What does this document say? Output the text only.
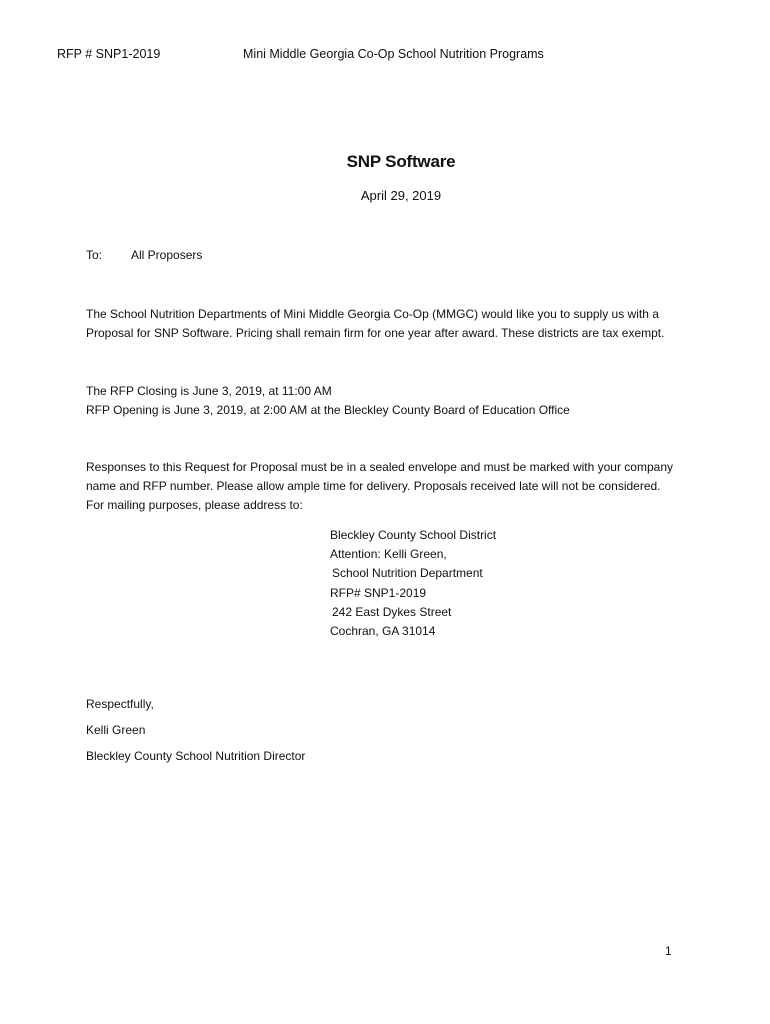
RFP # SNP1-2019	Mini Middle Georgia Co-Op School Nutrition Programs
SNP Software
April 29, 2019
To: All Proposers
The School Nutrition Departments of Mini Middle Georgia Co-Op (MMGC) would like you to supply us with a
Proposal for SNP Software. Pricing shall remain firm for one year after award. These districts are tax exempt.
The RFP Closing is June 3, 2019, at 11:00 AM
RFP Opening is June 3, 2019, at 2:00 AM at the Bleckley County Board of Education Office
Responses to this Request for Proposal must be in a sealed envelope and must be marked with your company
name and RFP number. Please allow ample time for delivery. Proposals received late will not be considered.
For mailing purposes, please address to:
Bleckley County School District
Attention: Kelli Green,
School Nutrition Department
RFP# SNP1-2019
242 East Dykes Street
Cochran, GA 31014
Respectfully,
Kelli Green
Bleckley County School Nutrition Director
1
